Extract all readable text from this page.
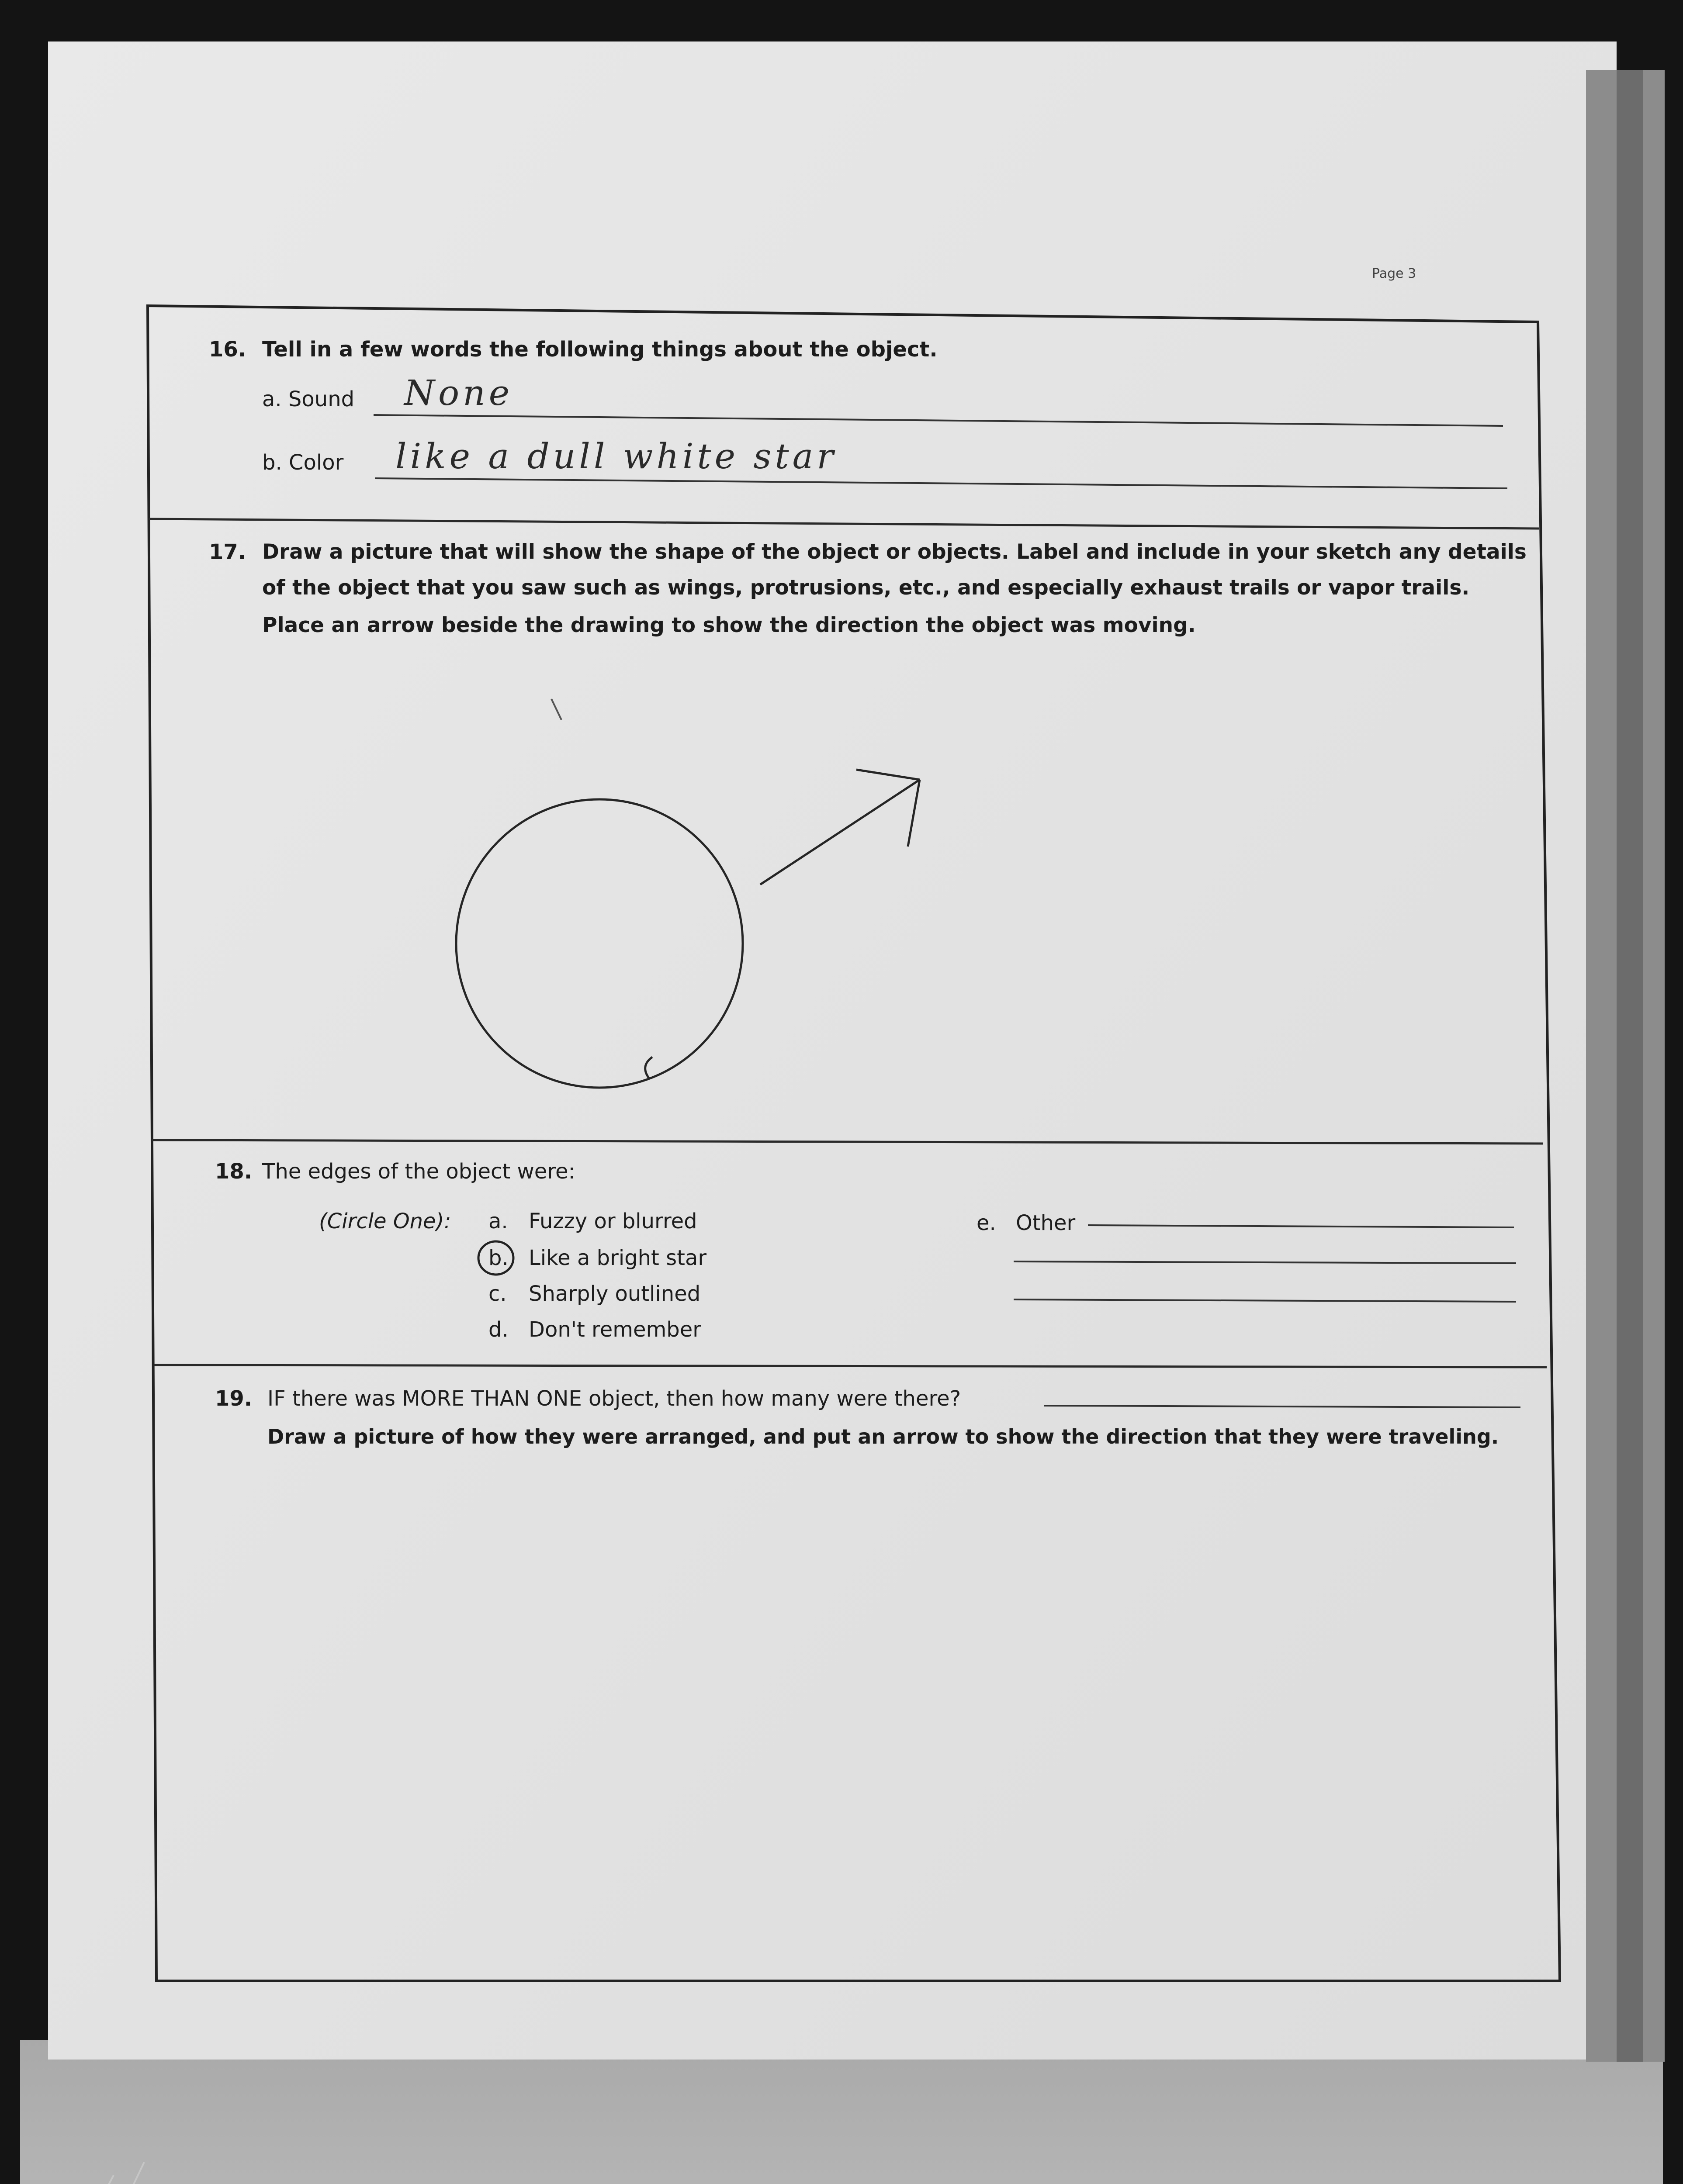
Page 3
16. Tell in a few words the following things about the object.
a. Sound None
b. Color like a dull white star
17. Draw a picture that will show the shape of the object or objects. Label and include in your sketch any details
of the object that you saw such as wings, protrusions, etc., and especially exhaust trails or vapor trails.
Place an arrow beside the drawing to show the direction the object was moving.
18. The edges of the object were:
(Circle One): a. Fuzzy or blurred
b. Like a bright star
c. Sharply outlined
d. Don't remember
e. Other
19. IF there was MORE THAN ONE object, then how many were there?
Draw a picture of how they were arranged, and put an arrow to show the direction that they were traveling.
